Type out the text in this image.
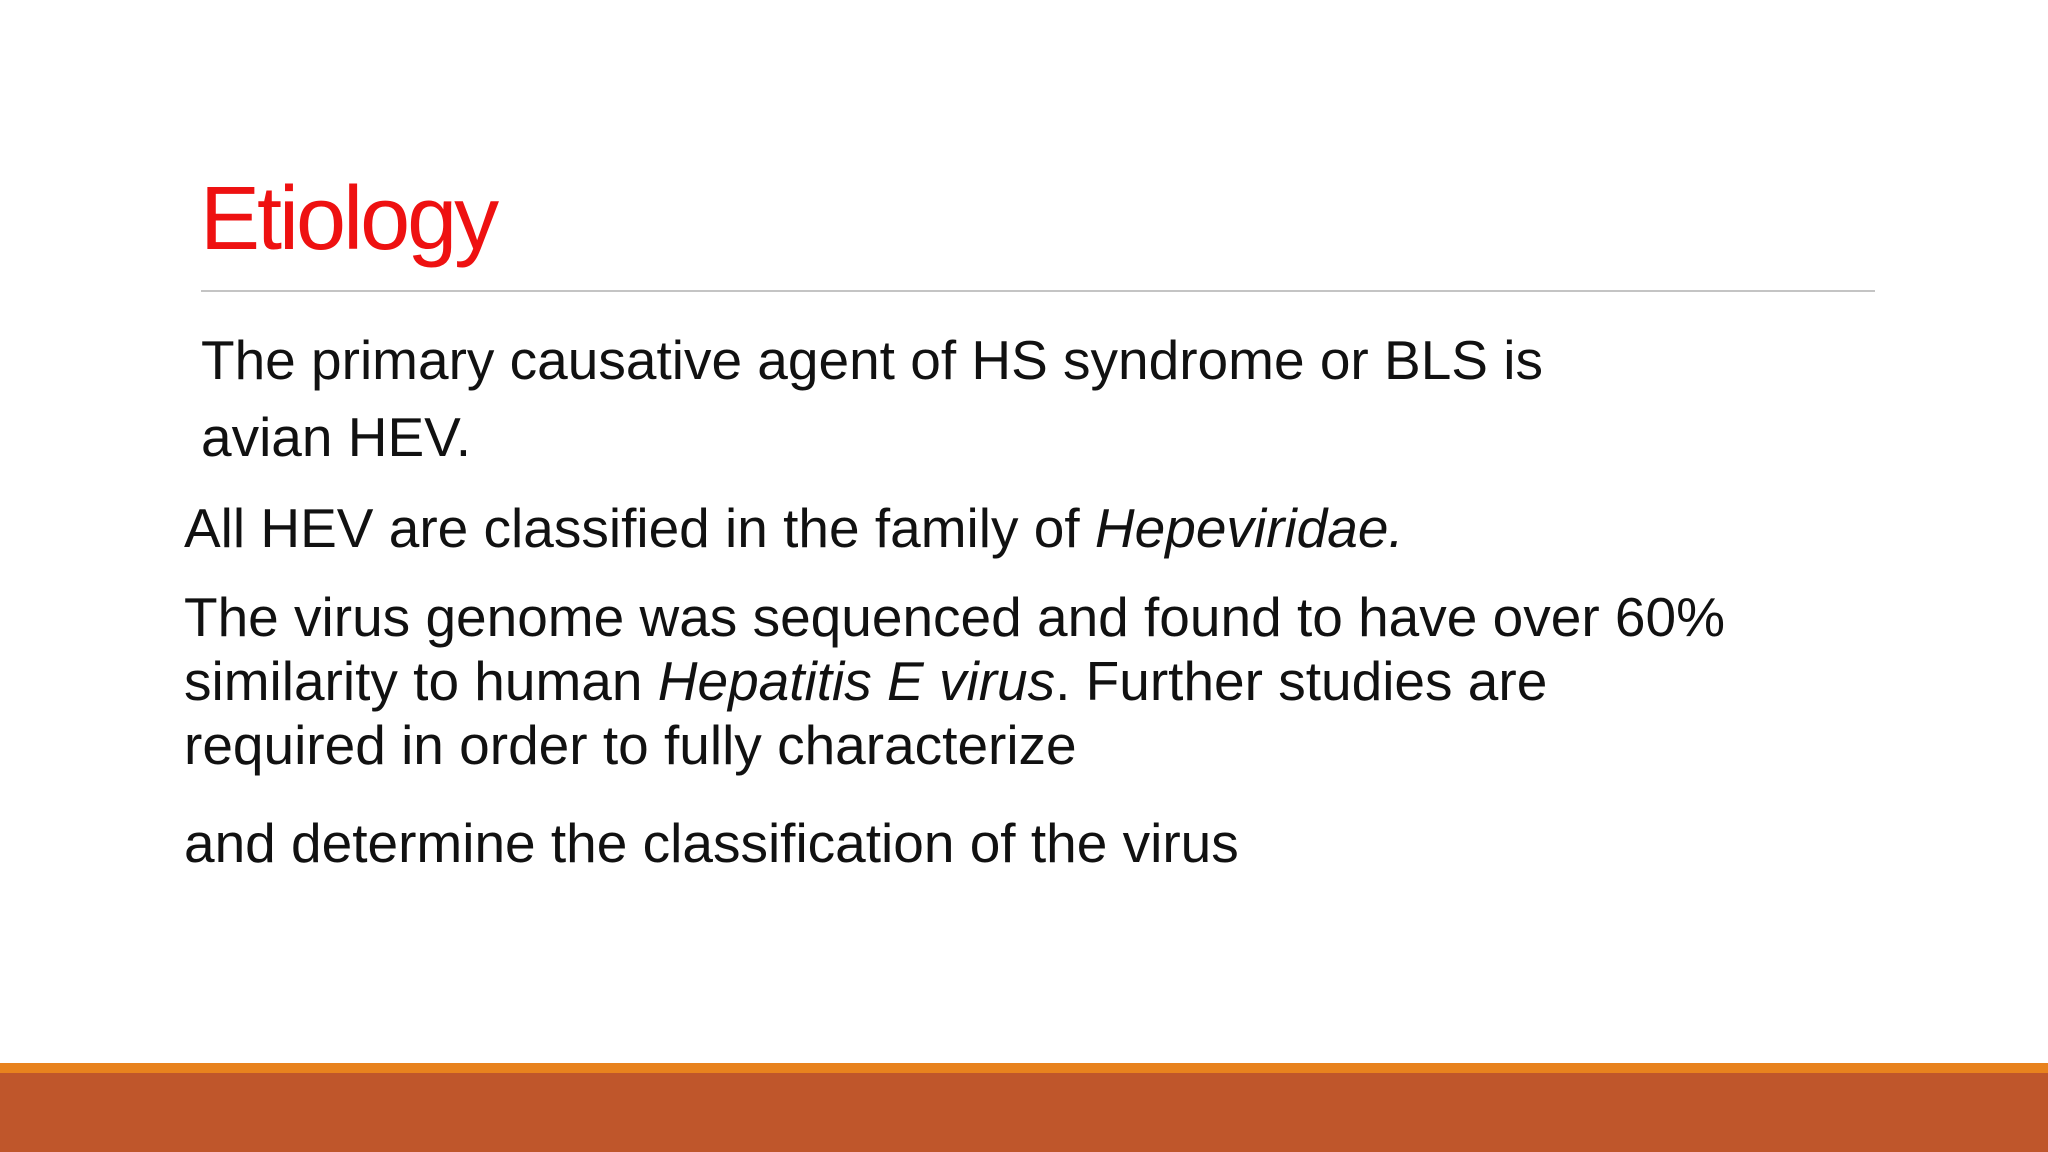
Etiology

The primary causative agent of HS syndrome or BLS is
avian HEV.

All HEV are classified in the family of Hepeviridae.

The virus genome was sequenced and found to have over 60%
similarity to human Hepatitis E virus. Further studies are
required in order to fully characterize

and determine the classification of the virus
